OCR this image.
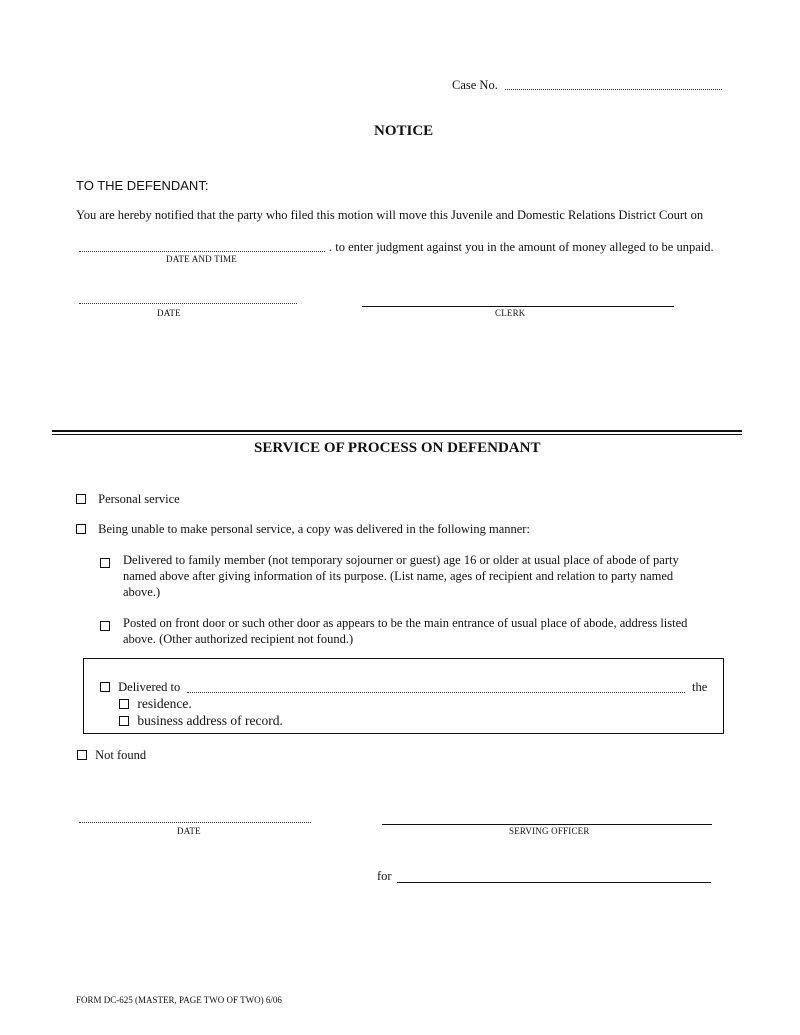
Case No.
NOTICE
TO THE DEFENDANT:
You are hereby notified that the party who filed this motion will move this Juvenile and Domestic Relations District Court on
. to enter judgment against you in the amount of money alleged to be unpaid.
DATE AND TIME
DATE	CLERK
SERVICE OF PROCESS ON DEFENDANT
Personal service
Being unable to make personal service, a copy was delivered in the following manner:
Delivered to family member (not temporary sojourner or guest) age 16 or older at usual place of abode of party
named above after giving information of its purpose. (List name, ages of recipient and relation to party named
above.)
Posted on front door or such other door as appears to be the main entrance of usual place of abode, address listed
above. (Other authorized recipient not found.)
Delivered to	the
residence.
business address of record.
Not found
DATE	SERVING OFFICER
for
FORM DC-625 (MASTER, PAGE TWO OF TWO) 6/06
